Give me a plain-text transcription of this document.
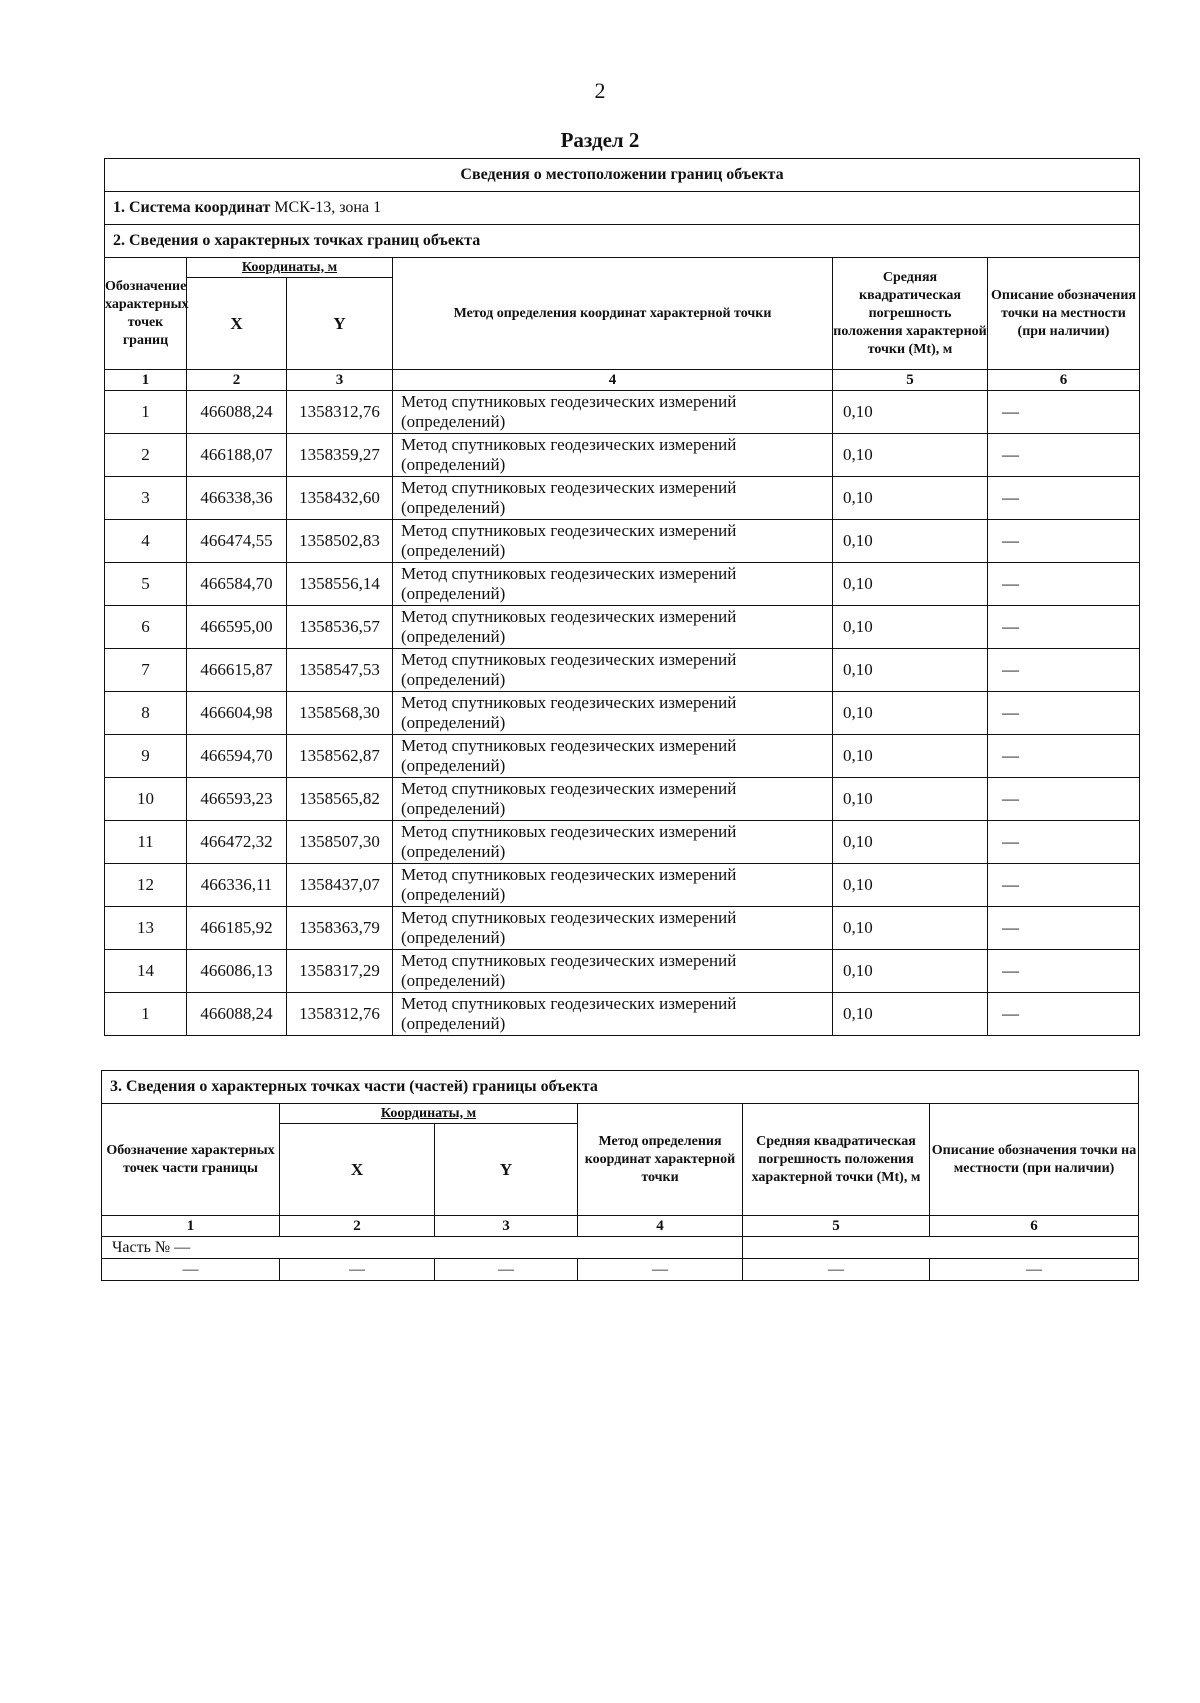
2
Раздел 2
Сведения о местоположении границ объекта					
1. Система координат МСК-13, зона 1					
2. Сведения о характерных точках границ объекта					
Обозначение характерных точек границ	Координаты, м		Метод определения координат характерной точки	Средняя квадратическая погрешность положения характерной точки (Mt), м	Описание обозначения точки на местности (при наличии)
	X	Y			
1	2	3	4	5	6
1	466088,24	1358312,76	Метод спутниковых геодезических измерений (определений)	0,10	—
2	466188,07	1358359,27	Метод спутниковых геодезических измерений (определений)	0,10	—
3	466338,36	1358432,60	Метод спутниковых геодезических измерений (определений)	0,10	—
4	466474,55	1358502,83	Метод спутниковых геодезических измерений (определений)	0,10	—
5	466584,70	1358556,14	Метод спутниковых геодезических измерений (определений)	0,10	—
6	466595,00	1358536,57	Метод спутниковых геодезических измерений (определений)	0,10	—
7	466615,87	1358547,53	Метод спутниковых геодезических измерений (определений)	0,10	—
8	466604,98	1358568,30	Метод спутниковых геодезических измерений (определений)	0,10	—
9	466594,70	1358562,87	Метод спутниковых геодезических измерений (определений)	0,10	—
10	466593,23	1358565,82	Метод спутниковых геодезических измерений (определений)	0,10	—
11	466472,32	1358507,30	Метод спутниковых геодезических измерений (определений)	0,10	—
12	466336,11	1358437,07	Метод спутниковых геодезических измерений (определений)	0,10	—
13	466185,92	1358363,79	Метод спутниковых геодезических измерений (определений)	0,10	—
14	466086,13	1358317,29	Метод спутниковых геодезических измерений (определений)	0,10	—
1	466088,24	1358312,76	Метод спутниковых геодезических измерений (определений)	0,10	—
3. Сведения о характерных точках части (частей) границы объекта					
Обозначение характерных точек части границы	Координаты, м		Метод определения координат характерной точки	Средняя квадратическая погрешность положения характерной точки (Mt), м	Описание обозначения точки на местности (при наличии)
	X	Y			
1	2	3	4	5	6
Часть № —					
—	—	—	—	—	—
